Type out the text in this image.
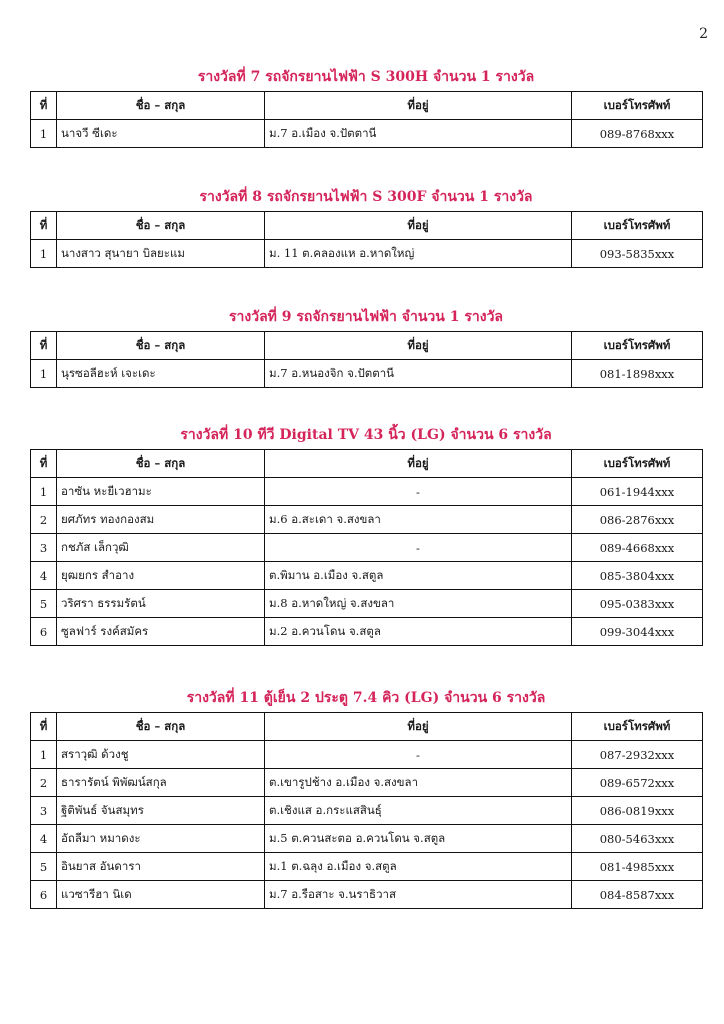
2
รางวัลที่ 7 รถจักรยานไฟฟ้า S 300H จำนวน 1 รางวัล
ที่	ชื่อ – สกุล	ที่อยู่	เบอร์โทรศัพท์
1	นาจวี ซีเดะ	ม.7 อ.เมือง จ.ปัตตานี	089-8768xxx
รางวัลที่ 8 รถจักรยานไฟฟ้า S 300F จำนวน 1 รางวัล
ที่	ชื่อ – สกุล	ที่อยู่	เบอร์โทรศัพท์
1	นางสาว สุนายา บิลยะแม	ม. 11 ต.คลองแห อ.หาดใหญ่	093-5835xxx
รางวัลที่ 9 รถจักรยานไฟฟ้า จำนวน 1 รางวัล
ที่	ชื่อ – สกุล	ที่อยู่	เบอร์โทรศัพท์
1	นุรซอลีฮะห์ เจะเดะ	ม.7 อ.หนองจิก จ.ปัตตานี	081-1898xxx
รางวัลที่ 10 ทีวี Digital TV 43 นิ้ว (LG) จำนวน 6 รางวัล
ที่	ชื่อ – สกุล	ที่อยู่	เบอร์โทรศัพท์
1	อาซัน หะยีเวฮามะ	-	061-1944xxx
2	ยศภัทร ทองกองสม	ม.6 อ.สะเดา จ.สงขลา	086-2876xxx
3	กชภัส เล็กวุฒิ	-	089-4668xxx
4	ยุฒยกร สำอาง	ต.พิมาน อ.เมือง จ.สตูล	085-3804xxx
5	วริศรา ธรรมรัตน์	ม.8 อ.หาดใหญ่ จ.สงขลา	095-0383xxx
6	ซูลฟาร์ รงค์สมัคร	ม.2 อ.ควนโดน จ.สตูล	099-3044xxx
รางวัลที่ 11 ตู้เย็น 2 ประตู 7.4 คิว (LG) จำนวน 6 รางวัล
ที่	ชื่อ – สกุล	ที่อยู่	เบอร์โทรศัพท์
1	สราวุฒิ ด้วงชู	-	087-2932xxx
2	ธารารัตน์ พิพัฒน์สกุล	ต.เขารูปช้าง อ.เมือง จ.สงขลา	089-6572xxx
3	ฐิติพันธ์ จันสมุทร	ต.เชิงแส อ.กระแสสินธุ์	086-0819xxx
4	อัถลีมา หมาดงะ	ม.5 ต.ควนสะตอ อ.ควนโดน จ.สตูล	080-5463xxx
5	อินยาส อันดารา	ม.1 ต.ฉลุง อ.เมือง จ.สตูล	081-4985xxx
6	แวซารีฮา นิเด	ม.7 อ.รือสาะ จ.นราธิวาส	084-8587xxx
